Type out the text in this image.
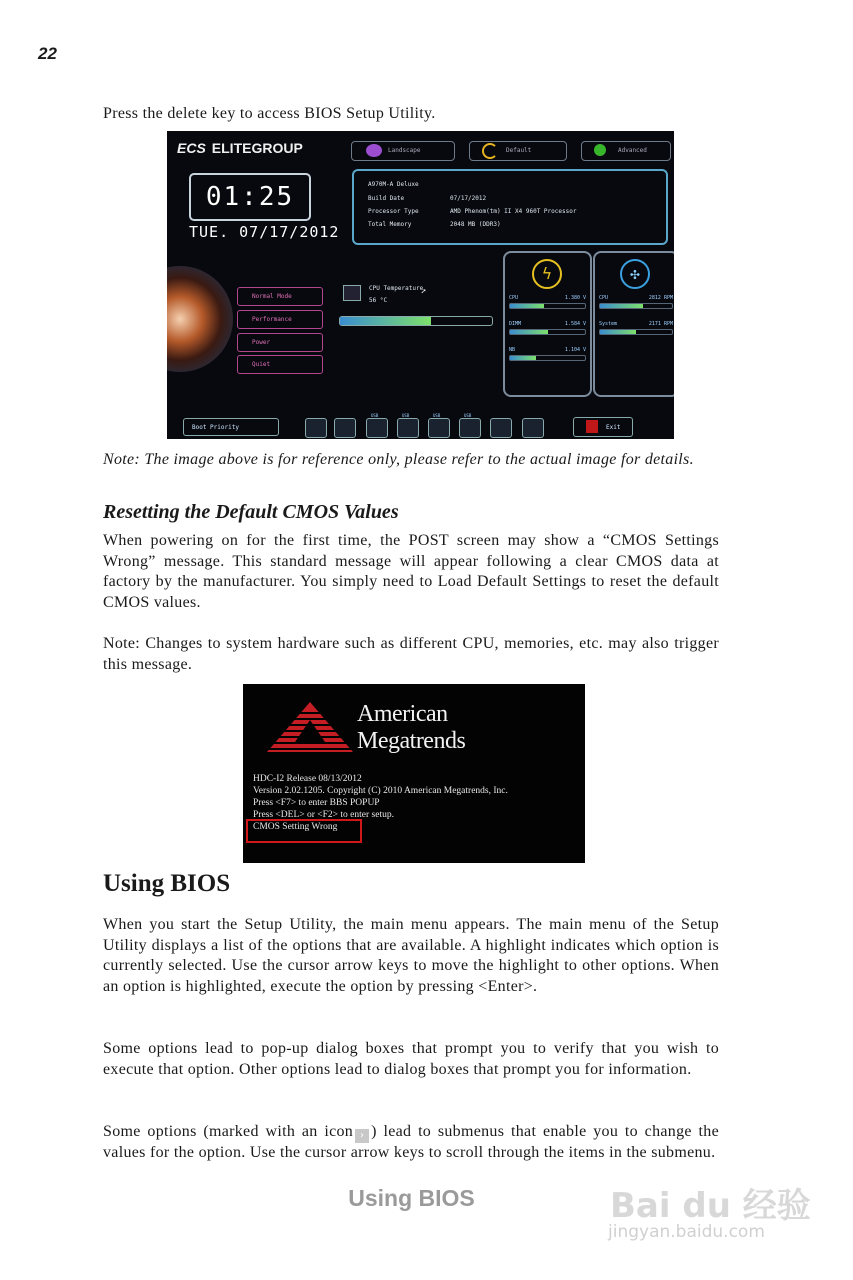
22
Press the delete key to access BIOS Setup Utility.
ECS ELITEGROUP	Landscape	Default	Advanced
01:25
TUE. 07/17/2012
A970M-A Deluxe
Build Date	07/17/2012
Processor Type	AMD Phenom(tm) II X4 960T Processor
Total Memory	2048 MB (DDR3)
Normal Mode
Performance
Power
Quiet
CPU Temperature
56 °C
➚
ϟ
CPU	1.380 V
DIMM	1.584 V
NB	1.104 V
✣
CPU	2812 RPM
System	2171 RPM
Boot Priority
USB	USB	USB	USB
Exit
Note: The image above is for reference only, please refer to the actual image for details.
Resetting the Default CMOS Values
When powering on for the first time, the POST screen may show a “CMOS Settings Wrong” message. This standard message will appear following a clear CMOS data at factory by the manufacturer. You simply need to Load Default Settings to reset the default CMOS values.
Note: Changes to system hardware such as different CPU, memories, etc. may also trigger this message.
American
Megatrends
HDC-I2 Release 08/13/2012
Version 2.02.1205. Copyright (C) 2010 American Megatrends, Inc.
Press <F7> to enter BBS POPUP
Press <DEL> or <F2> to enter setup.
CMOS Setting Wrong
Using BIOS
When you start the Setup Utility, the main menu appears. The main menu of the Setup Utility displays a list of the options that are available. A highlight indicates which option is currently selected. Use the cursor arrow keys to move the highlight to other options. When an option is highlighted, execute the option by pressing <Enter>.
Some options lead to pop-up dialog boxes that prompt you to verify that you wish to execute that option. Other options lead to dialog boxes that prompt you for information.
Some options (marked with an icon › ) lead to submenus that enable you to change the values for the option. Use the cursor arrow keys to scroll through the items in the submenu.
Using BIOS	Bai du 经验
jingyan.baidu.com
